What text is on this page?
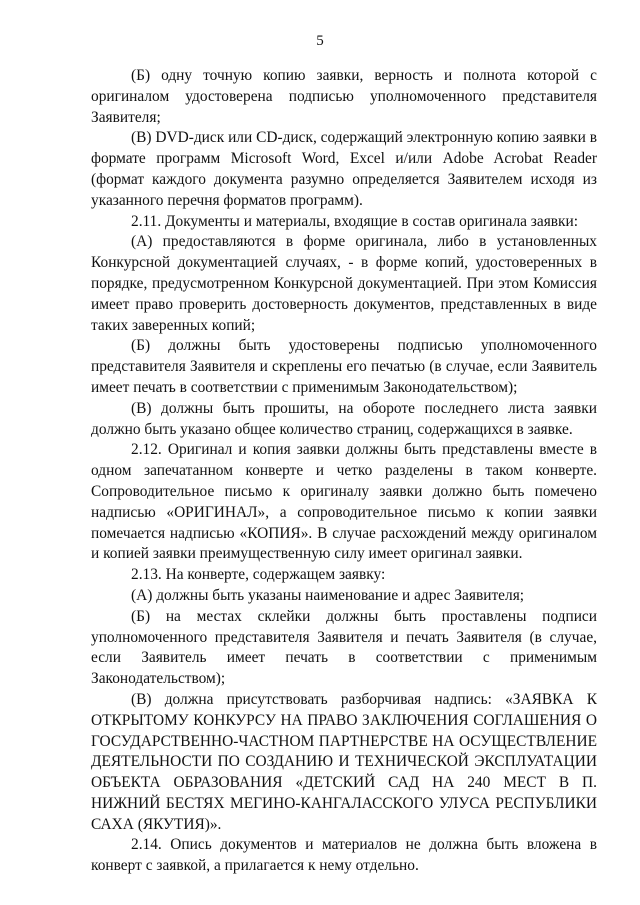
5

(Б) одну точную копию заявки, верность и полнота которой с оригиналом удостоверена подписью уполномоченного представителя Заявителя;

(В) DVD-диск или CD-диск, содержащий электронную копию заявки в формате программ Microsoft Word, Excel и/или Adobe Acrobat Reader (формат каждого документа разумно определяется Заявителем исходя из указанного перечня форматов программ).

2.11. Документы и материалы, входящие в состав оригинала заявки:

(А) предоставляются в форме оригинала, либо в установленных Конкурсной документацией случаях, - в форме копий, удостоверенных в порядке, предусмотренном Конкурсной документацией. При этом Комиссия имеет право проверить достоверность документов, представленных в виде таких заверенных копий;

(Б) должны быть удостоверены подписью уполномоченного представителя Заявителя и скреплены его печатью (в случае, если Заявитель имеет печать в соответствии с применимым Законодательством);

(В) должны быть прошиты, на обороте последнего листа заявки должно быть указано общее количество страниц, содержащихся в заявке.

2.12. Оригинал и копия заявки должны быть представлены вместе в одном запечатанном конверте и четко разделены в таком конверте. Сопроводительное письмо к оригиналу заявки должно быть помечено надписью «ОРИГИНАЛ», а сопроводительное письмо к копии заявки помечается надписью «КОПИЯ». В случае расхождений между оригиналом и копией заявки преимущественную силу имеет оригинал заявки.

2.13. На конверте, содержащем заявку:

(А) должны быть указаны наименование и адрес Заявителя;

(Б) на местах склейки должны быть проставлены подписи уполномоченного представителя Заявителя и печать Заявителя (в случае, если Заявитель имеет печать в соответствии с применимым Законодательством);

(В) должна присутствовать разборчивая надпись: «ЗАЯВКА К ОТКРЫТОМУ КОНКУРСУ НА ПРАВО ЗАКЛЮЧЕНИЯ СОГЛАШЕНИЯ О ГОСУДАРСТВЕННО-ЧАСТНОМ ПАРТНЕРСТВЕ НА ОСУЩЕСТВЛЕНИЕ ДЕЯТЕЛЬНОСТИ ПО СОЗДАНИЮ И ТЕХНИЧЕСКОЙ ЭКСПЛУАТАЦИИ ОБЪЕКТА ОБРАЗОВАНИЯ «ДЕТСКИЙ САД НА 240 МЕСТ В П. НИЖНИЙ БЕСТЯХ МЕГИНО-КАНГАЛАССКОГО УЛУСА РЕСПУБЛИКИ САХА (ЯКУТИЯ)».

2.14. Опись документов и материалов не должна быть вложена в конверт с заявкой, а прилагается к нему отдельно.
